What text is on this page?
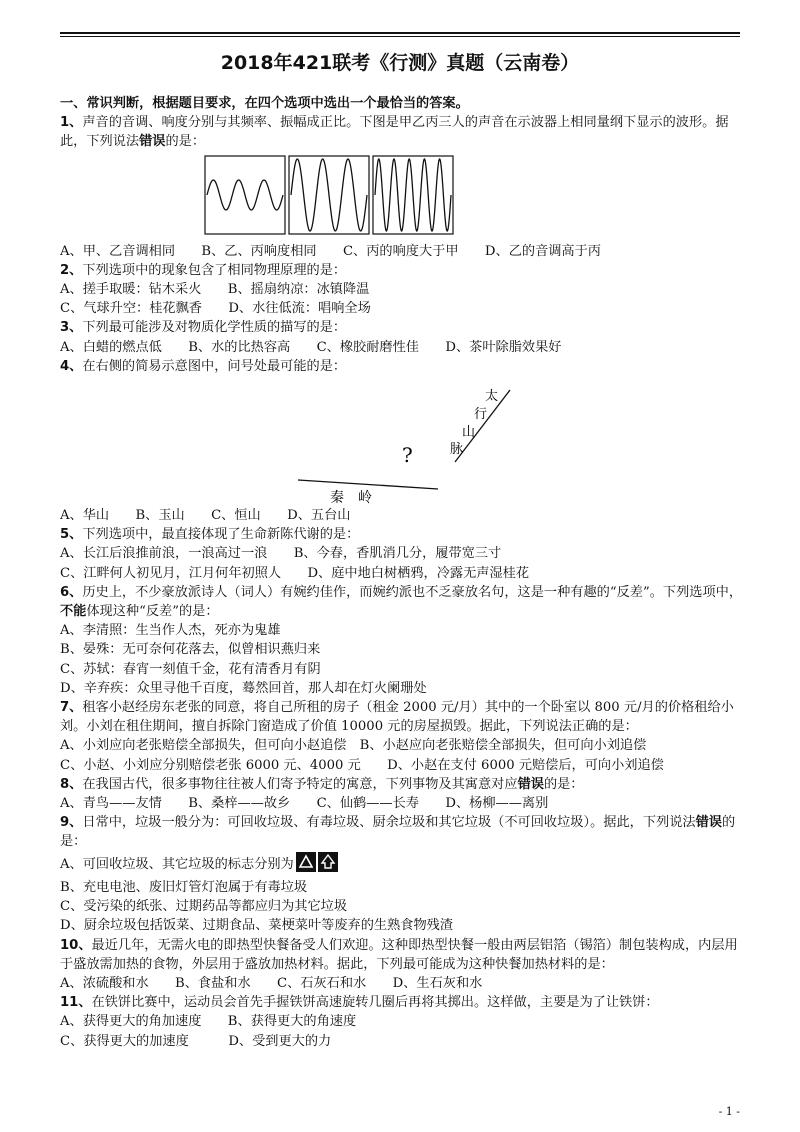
2018年421联考《行测》真题（云南卷）

一、常识判断，根据题目要求，在四个选项中选出一个最恰当的答案。

1、声音的音调、响度分别与其频率、振幅成正比。下图是甲乙丙三人的声音在示波器上相同量纲下显示的波形。据此，下列说法错误的是：

A、甲、乙音调相同　　B、乙、丙响度相同　　C、丙的响度大于甲　　D、乙的音调高于丙

2、下列选项中的现象包含了相同物理原理的是：

A、搓手取暖：钻木采火　　B、摇扇纳凉：冰镇降温

C、气球升空：桂花飘香　　D、水往低流：唱响全场

3、下列最可能涉及对物质化学性质的描写的是：

A、白蜡的燃点低　　B、水的比热容高　　C、橡胶耐磨性佳　　D、茶叶除脂效果好

4、在右侧的简易示意图中，问号处最可能的是：

秦　岭
太
行
山
脉
?

A、华山　　B、玉山　　C、恒山　　D、五台山

5、下列选项中，最直接体现了生命新陈代谢的是：

A、长江后浪推前浪，一浪高过一浪　　B、今春，香肌消几分，履带宽三寸

C、江畔何人初见月，江月何年初照人　　D、庭中地白树栖鸦，冷露无声湿桂花

6、历史上，不少豪放派诗人（词人）有婉约佳作，而婉约派也不乏豪放名句，这是一种有趣的“反差”。下列选项中，不能体现这种“反差”的是：

A、李清照：生当作人杰，死亦为鬼雄

B、晏殊：无可奈何花落去，似曾相识燕归来

C、苏轼：春宵一刻值千金，花有清香月有阴

D、辛弃疾：众里寻他千百度，蓦然回首，那人却在灯火阑珊处

7、租客小赵经房东老张的同意，将自己所租的房子（租金 2000 元/月）其中的一个卧室以 800 元/月的价格租给小刘。小刘在租住期间，擅自拆除门窗造成了价值 10000 元的房屋损毁。据此，下列说法正确的是：

A、小刘应向老张赔偿全部损失，但可向小赵追偿　B、小赵应向老张赔偿全部损失，但可向小刘追偿

C、小赵、小刘应分别赔偿老张 6000 元、4000 元　　D、小赵在支付 6000 元赔偿后，可向小刘追偿

8、在我国古代，很多事物往往被人们寄予特定的寓意，下列事物及其寓意对应错误的是：

A、青鸟——友情　　B、桑梓——故乡　　C、仙鹤——长寿　　D、杨柳——离别

9、日常中，垃圾一般分为：可回收垃圾、有毒垃圾、厨余垃圾和其它垃圾（不可回收垃圾）。据此，下列说法错误的是：

A、可回收垃圾、其它垃圾的标志分别为

B、充电电池、废旧灯管灯泡属于有毒垃圾

C、受污染的纸张、过期药品等都应归为其它垃圾

D、厨余垃圾包括饭菜、过期食品、菜梗菜叶等废弃的生熟食物残渣

10、最近几年，无需火电的即热型快餐备受人们欢迎。这种即热型快餐一般由两层铝箔（锡箔）制包装构成，内层用于盛放需加热的食物，外层用于盛放加热材料。据此，下列最可能成为这种快餐加热材料的是：

A、浓硫酸和水　　B、食盐和水　　C、石灰石和水　　D、生石灰和水

11、在铁饼比赛中，运动员会首先手握铁饼高速旋转几圈后再将其掷出。这样做，主要是为了让铁饼：

A、获得更大的角加速度　　B、获得更大的角速度

C、获得更大的加速度　　　D、受到更大的力

- 1 -
